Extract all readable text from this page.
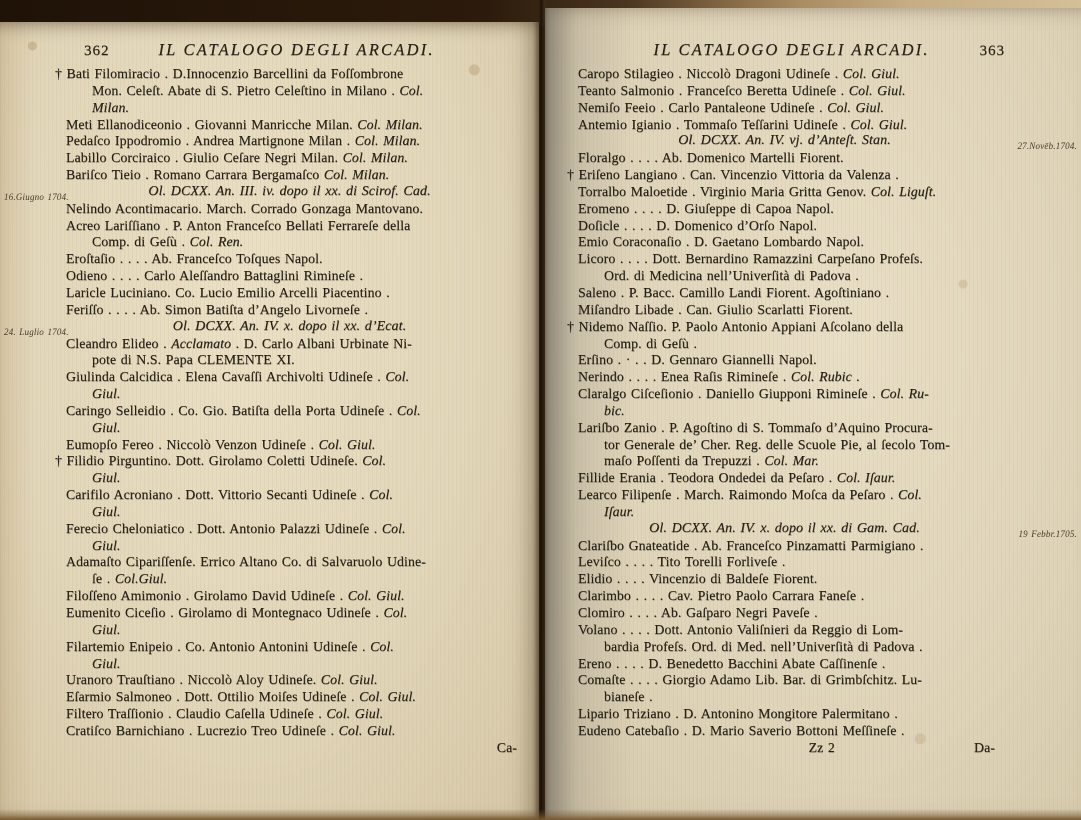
362	IL CATALOGO DEGLI ARCADI.
† Bati Filomiracio . D.Innocenzio Barcellini da Foſſombrone
Mon. Celeſt. Abate di S. Pietro Celeſtino in Milano . Col.
Milan.
Meti Ellanodiceonio . Giovanni Manricche Milan. Col. Milan.
Pedaſco Ippodromio . Andrea Martignone Milan . Col. Milan.
Labillo Corciraico . Giulio Ceſare Negri Milan. Col. Milan.
Bariſco Tieio . Romano Carrara Bergamaſco Col. Milan.
Ol. DCXX. An. III. iv. dopo il xx. di Scirof. Cad.
16.Giugno 1704.
Nelindo Acontimacario. March. Corrado Gonzaga Mantovano.
Acreo Lariſſiano . P. Anton Franceſco Bellati Ferrareſe della
Comp. di Geſù . Col. Ren.
Eroſtaſio . . . . Ab. Franceſco Toſques Napol.
Odieno . . . . Carlo Aleſſandro Battaglini Rimineſe .
Laricle Luciniano. Co. Lucio Emilio Arcelli Piacentino .
Feriſſo . . . . Ab. Simon Batiſta d’Angelo Livorneſe .
Ol. DCXX. An. IV. x. dopo il xx. d’Ecat.
24. Luglio 1704.
Cleandro Elideo . Acclamato . D. Carlo Albani Urbinate Ni-
pote di N.S. Papa CLEMENTE XI.
Giulinda Calcidica . Elena Cavaſſi Archivolti Udineſe . Col.
Giul.
Caringo Selleidio . Co. Gio. Batiſta della Porta Udineſe . Col.
Giul.
Eumopſo Fereo . Niccolò Venzon Udineſe . Col. Giul.
† Filidio Pirguntino. Dott. Girolamo Coletti Udineſe. Col.
Giul.
Carifilo Acroniano . Dott. Vittorio Secanti Udineſe . Col.
Giul.
Ferecio Cheloniatico . Dott. Antonio Palazzi Udineſe . Col.
Giul.
Adamaſto Cipariſſenſe. Errico Altano Co. di Salvaruolo Udine-
ſe . Col.Giul.
Filoſſeno Amimonio . Girolamo David Udineſe . Col. Giul.
Eumenito Ciceſio . Girolamo di Montegnaco Udineſe . Col.
Giul.
Filartemio Enipeio . Co. Antonio Antonini Udineſe . Col.
Giul.
Uranoro Trauſtiano . Niccolò Aloy Udineſe. Col. Giul.
Eſarmio Salmoneo . Dott. Ottilio Moiſes Udineſe . Col. Giul.
Filtero Traſſionio . Claudio Caſella Udineſe . Col. Giul.
Cratiſco Barnichiano . Lucrezio Treo Udineſe . Col. Giul.
Ca-
IL CATALOGO DEGLI ARCADI.	363
Caropo Stilagieo . Niccolò Dragoni Udineſe . Col. Giul.
Teanto Salmonio . Franceſco Beretta Udineſe . Col. Giul.
Nemiſo Feeio . Carlo Pantaleone Udineſe . Col. Giul.
Antemio Igianio . Tommaſo Teſſarini Udineſe . Col. Giul.
Ol. DCXX. An. IV. vj. d’Anteſt. Stan.	27.Novēb.1704.
Floralgo . . . . Ab. Domenico Martelli Fiorent.
† Eriſeno Langiano . Can. Vincenzio Vittoria da Valenza .
Torralbo Maloetide . Virginio Maria Gritta Genov. Col. Liguſt.
Eromeno . . . . D. Giuſeppe di Capoa Napol.
Doſicle . . . . D. Domenico d’Orſo Napol.
Emio Coraconaſio . D. Gaetano Lombardo Napol.
Licoro . . . . Dott. Bernardino Ramazzini Carpeſano Profeſs.
Ord. di Medicina nell’Univerſità di Padova .
Saleno . P. Bacc. Camillo Landi Fiorent. Agoſtiniano .
Miſandro Libade . Can. Giulio Scarlatti Fiorent.
† Nidemo Naſſio. P. Paolo Antonio Appiani Aſcolano della
Comp. di Geſù .
Erſino . · . . D. Gennaro Giannelli Napol.
Nerindo . . . . Enea Raſis Rimineſe . Col. Rubic .
Claralgo Ciſceſionio . Daniello Giupponi Rimineſe . Col. Ru-
bic.
Lariſbo Zanio . P. Agoſtino di S. Tommaſo d’Aquino Procura-
tor Generale de’ Cher. Reg. delle Scuole Pie, al ſecolo Tom-
maſo Poſſenti da Trepuzzi . Col. Mar.
Fillide Erania . Teodora Ondedei da Peſaro . Col. Iſaur.
Learco Filipenſe . March. Raimondo Moſca da Peſaro . Col.
Iſaur.
Ol. DCXX. An. IV. x. dopo il xx. di Gam. Cad.	19 Febbr.1705.
Clariſbo Gnateatide . Ab. Franceſco Pinzamatti Parmigiano .
Leviſco . . . . Tito Torelli Forliveſe .
Elidio . . . . Vincenzio di Baldeſe Fiorent.
Clarimbo . . . . Cav. Pietro Paolo Carrara Faneſe .
Clomiro . . . . Ab. Gaſparo Negri Paveſe .
Volano . . . . Dott. Antonio Valiſnieri da Reggio di Lom-
bardia Profeſs. Ord. di Med. nell’Univerſità di Padova .
Ereno . . . . D. Benedetto Bacchini Abate Caſſinenſe .
Comaſte . . . . Giorgio Adamo Lib. Bar. di Grimbſchitz. Lu-
bianeſe .
Lipario Triziano . D. Antonino Mongitore Palermitano .
Eudeno Catebaſio . D. Mario Saverio Bottoni Meſſineſe .
Zz 2	Da-
